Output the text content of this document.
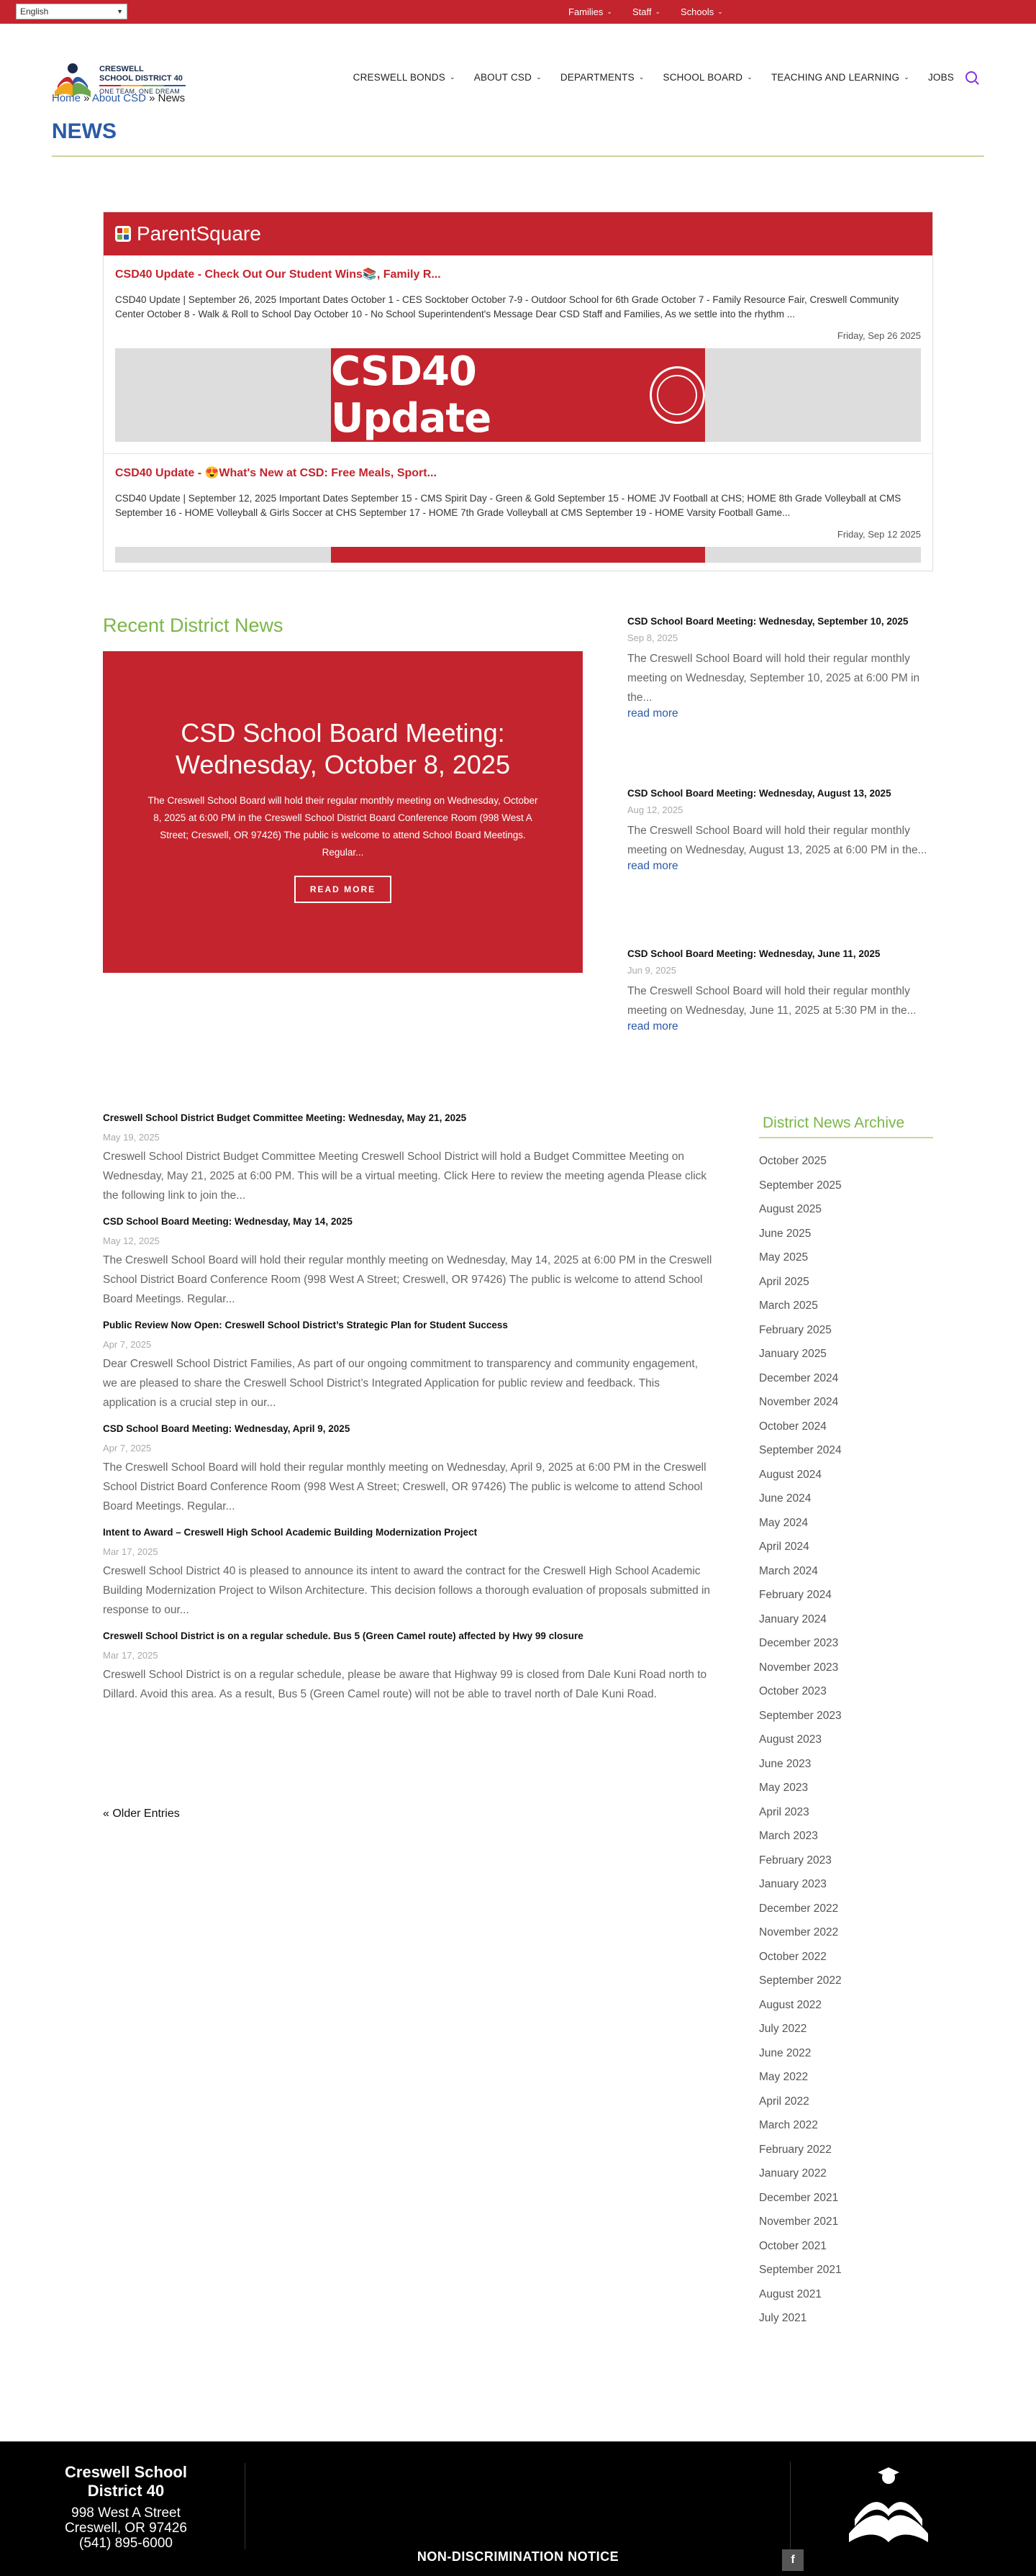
English	▼	Families ⌄ Staff ⌄ Schools ⌄
CRESWELL
SCHOOL DISTRICT 40
ONE TEAM, ONE DREAM
CRESWELL BONDS ⌄ ABOUT CSD ⌄ DEPARTMENTS ⌄ SCHOOL BOARD ⌄ TEACHING AND LEARNING ⌄ JOBS
Home » About CSD » News
NEWS
ParentSquare
CSD40 Update - Check Out Our Student Wins📚, Family R...
CSD40 Update | September 26, 2025 Important Dates October 1 - CES Socktober October 7-9 - Outdoor School for 6th Grade October 7 - Family Resource Fair, Creswell Community Center October 8 - Walk & Roll to School Day October 10 - No School Superintendent's Message Dear CSD Staff and Families, As we settle into the rhythm ...
Friday, Sep 26 2025
CSD40 Update
CSD40 Update - 😍What's New at CSD: Free Meals, Sport...
CSD40 Update | September 12, 2025 Important Dates September 15 - CMS Spirit Day - Green & Gold September 15 - HOME JV Football at CHS; HOME 8th Grade Volleyball at CMS September 16 - HOME Volleyball & Girls Soccer at CHS September 17 - HOME 7th Grade Volleyball at CMS September 19 - HOME Varsity Football Game...
Friday, Sep 12 2025
Recent District News
CSD School Board Meeting: Wednesday, October 8, 2025

The Creswell School Board will hold their regular monthly meeting on Wednesday, October 8, 2025 at 6:00 PM in the Creswell School District Board Conference Room (998 West A Street; Creswell, OR 97426) The public is welcome to attend School Board Meetings. Regular...

READ MORE
CSD School Board Meeting: Wednesday, September 10, 2025
Sep 8, 2025
The Creswell School Board will hold their regular monthly meeting on Wednesday, September 10, 2025 at 6:00 PM in the...
read more
CSD School Board Meeting: Wednesday, August 13, 2025
Aug 12, 2025
The Creswell School Board will hold their regular monthly meeting on Wednesday, August 13, 2025 at 6:00 PM in the...
read more
CSD School Board Meeting: Wednesday, June 11, 2025
Jun 9, 2025
The Creswell School Board will hold their regular monthly meeting on Wednesday, June 11, 2025 at 5:30 PM in the...
read more
Creswell School District Budget Committee Meeting: Wednesday, May 21, 2025
May 19, 2025
Creswell School District Budget Committee Meeting Creswell School District will hold a Budget Committee Meeting on Wednesday, May 21, 2025 at 6:00 PM. This will be a virtual meeting. Click Here to review the meeting agenda Please click the following link to join the...
CSD School Board Meeting: Wednesday, May 14, 2025
May 12, 2025
The Creswell School Board will hold their regular monthly meeting on Wednesday, May 14, 2025 at 6:00 PM in the Creswell School District Board Conference Room (998 West A Street; Creswell, OR 97426) The public is welcome to attend School Board Meetings. Regular...
Public Review Now Open: Creswell School District’s Strategic Plan for Student Success
Apr 7, 2025
Dear Creswell School District Families, As part of our ongoing commitment to transparency and community engagement, we are pleased to share the Creswell School District’s Integrated Application for public review and feedback. This application is a crucial step in our...
CSD School Board Meeting: Wednesday, April 9, 2025
Apr 7, 2025
The Creswell School Board will hold their regular monthly meeting on Wednesday, April 9, 2025 at 6:00 PM in the Creswell School District Board Conference Room (998 West A Street; Creswell, OR 97426) The public is welcome to attend School Board Meetings. Regular...
Intent to Award – Creswell High School Academic Building Modernization Project
Mar 17, 2025
Creswell School District 40 is pleased to announce its intent to award the contract for the Creswell High School Academic Building Modernization Project to Wilson Architecture. This decision follows a thorough evaluation of proposals submitted in response to our...
Creswell School District is on a regular schedule. Bus 5 (Green Camel route) affected by Hwy 99 closure
Mar 17, 2025
Creswell School District is on a regular schedule, please be aware that Highway 99 is closed from Dale Kuni Road north to Dillard. Avoid this area. As a result, Bus 5 (Green Camel route) will not be able to travel north of Dale Kuni Road.
« Older Entries
District News Archive
October 2025
September 2025
August 2025
June 2025
May 2025
April 2025
March 2025
February 2025
January 2025
December 2024
November 2024
October 2024
September 2024
August 2024
June 2024
May 2024
April 2024
March 2024
February 2024
January 2024
December 2023
November 2023
October 2023
September 2023
August 2023
June 2023
May 2023
April 2023
March 2023
February 2023
January 2023
December 2022
November 2022
October 2022
September 2022
August 2022
July 2022
June 2022
May 2022
April 2022
March 2022
February 2022
January 2022
December 2021
November 2021
October 2021
September 2021
August 2021
July 2021
Creswell School District 40
998 West A Street
Creswell, OR 97426
(541) 895-6000
f
NON-DISCRIMINATION NOTICE
